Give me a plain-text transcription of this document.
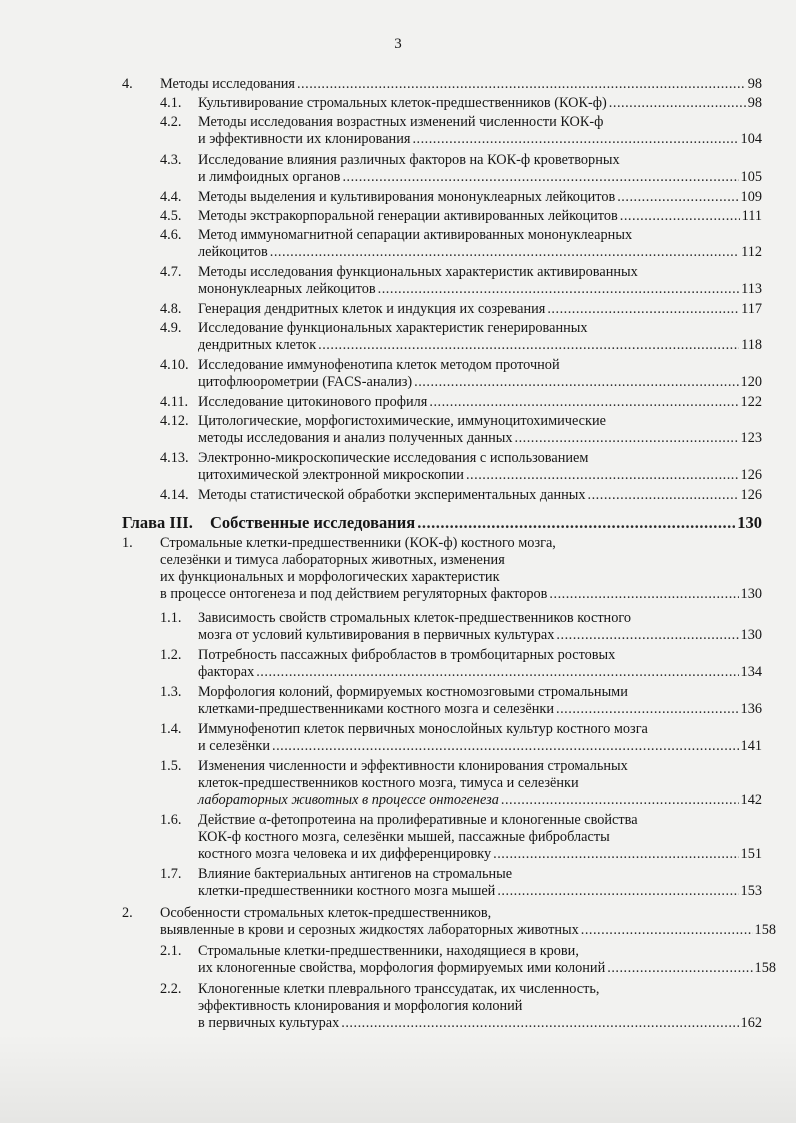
3
4. Методы исследования .....	98
4.1. Культивирование стромальных клеток-предшественников (КОК-ф) .....	98
4.2. Методы исследования возрастных изменений численности КОК-ф
и эффективности их клонирования .....	104
4.3. Исследование влияния различных факторов на КОК-ф кроветворных
и лимфоидных органов .....	105
4.4. Методы выделения и культивирования мононуклеарных лейкоцитов .....	109
4.5. Методы экстракорпоральной генерации активированных лейкоцитов .....	111
4.6. Метод иммуномагнитной сепарации активированных мононуклеарных
лейкоцитов .....	112
4.7. Методы исследования функциональных характеристик активированных
мононуклеарных лейкоцитов .....	113
4.8. Генерация дендритных клеток и индукция их созревания .....	117
4.9. Исследование функциональных характеристик генерированных
дендритных клеток .....	118
4.10. Исследование иммунофенотипа клеток методом проточной
цитофлюорометрии (FACS-анализ) .....	120
4.11. Исследование цитокинового профиля .....	122
4.12. Цитологические, морфогистохимические, иммуноцитохимические
методы исследования и анализ полученных данных .....	123
4.13. Электронно-микроскопические исследования с использованием
цитохимической электронной микроскопии .....	126
4.14. Методы статистической обработки экспериментальных данных .....	126
Глава III. Собственные исследования .....	130
1. Стромальные клетки-предшественники (КОК-ф) костного мозга,
селезёнки и тимуса лабораторных животных, изменения
их функциональных и морфологических характеристик
в процессе онтогенеза и под действием регуляторных факторов .....	130
1.1. Зависимость свойств стромальных клеток-предшественников костного
мозга от условий культивирования в первичных культурах .....	130
1.2. Потребность пассажных фибробластов в тромбоцитарных ростовых
факторах .....	134
1.3. Морфология колоний, формируемых костномозговыми стромальными
клетками-предшественниками костного мозга и селезёнки .....	136
1.4. Иммунофенотип клеток первичных монослойных культур костного мозга
и селезёнки .....	141
1.5. Изменения численности и эффективности клонирования стромальных
клеток-предшественников костного мозга, тимуса и селезёнки
лабораторных животных в процессе онтогенеза .....	142
1.6. Действие α-фетопротеина на пролиферативные и клоногенные свойства
КОК-ф костного мозга, селезёнки мышей, пассажные фибробласты
костного мозга человека и их дифференцировку .....	151
1.7. Влияние бактериальных антигенов на стромальные
клетки-предшественники костного мозга мышей .....	153
2. Особенности стромальных клеток-предшественников,
выявленные в крови и серозных жидкостях лабораторных животных .....	158
2.1. Стромальные клетки-предшественники, находящиеся в крови,
их клоногенные свойства, морфология формируемых ими колоний .....	158
2.2. Клоногенные клетки плеврального транссудатак, их численность,
эффективность клонирования и морфология колоний
в первичных культурах .....	162
